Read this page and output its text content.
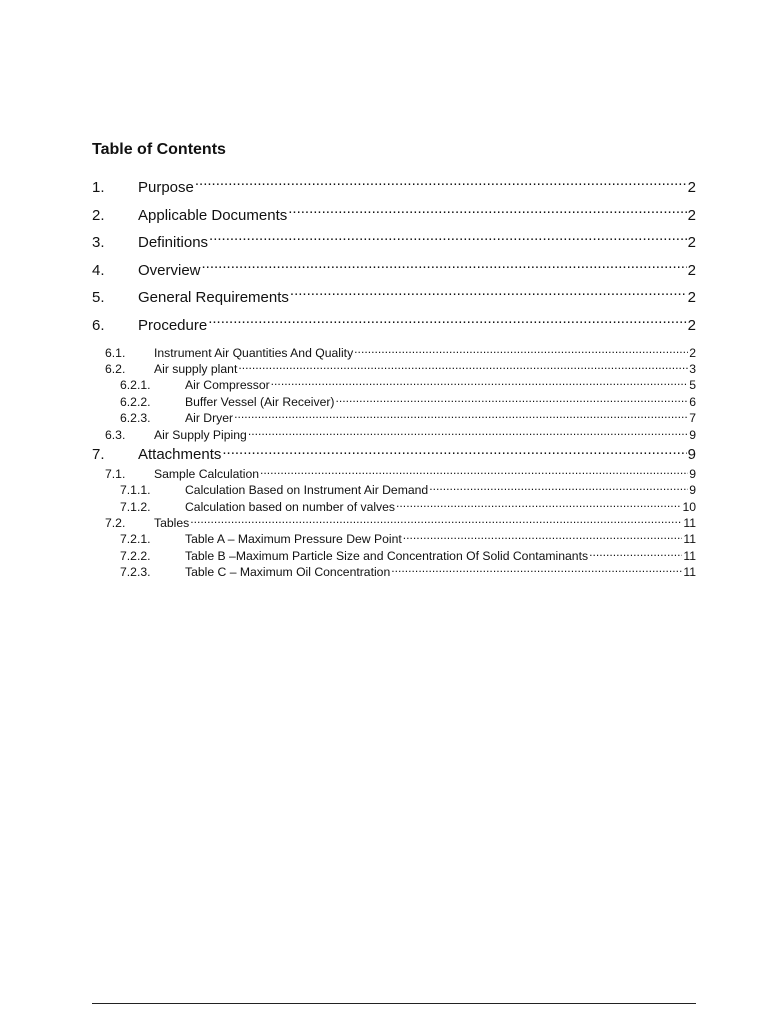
Table of Contents
1.	Purpose .....	2
2.	Applicable Documents .....	2
3.	Definitions .....	2
4.	Overview .....	2
5.	General Requirements .....	2
6.	Procedure .....	2
6.1.	Instrument Air Quantities And Quality .....	2
6.2.	Air supply plant .....	3
6.2.1.	Air Compressor .....	5
6.2.2.	Buffer Vessel (Air Receiver) .....	6
6.2.3.	Air Dryer .....	7
6.3.	Air Supply Piping .....	9
7.	Attachments .....	9
7.1.	Sample Calculation .....	9
7.1.1.	Calculation Based on Instrument Air Demand .....	9
7.1.2.	Calculation based on number of valves .....	10
7.2.	Tables .....	11
7.2.1.	Table A – Maximum Pressure Dew Point .....	11
7.2.2.	Table B –Maximum Particle Size and Concentration Of Solid Contaminants .....	11
7.2.3.	Table C – Maximum Oil Concentration .....	11
